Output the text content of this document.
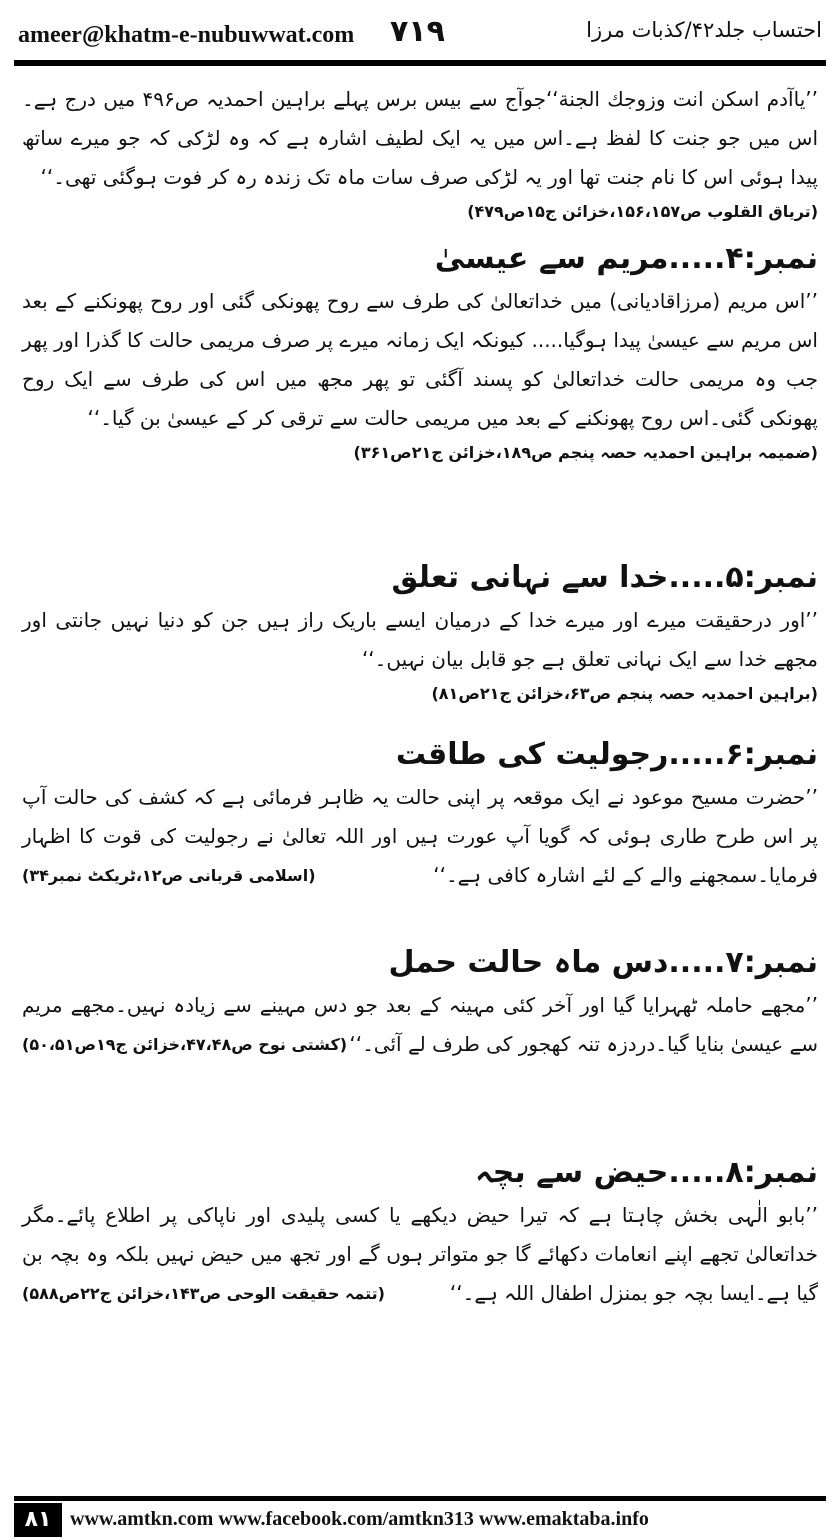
ameer@khatm-e-nubuwwat.com ۷۱۹	احتساب جلد۴۲/کذبات مرزا
’’یاآدم اسکن انت وزوجك الجنة‘‘جوآج سے بیس برس پہلے براہین احمدیہ ص۴۹۶ میں درج ہے۔اس میں جو جنت کا لفظ ہے۔اس میں یہ ایک لطیف اشارہ ہے کہ وہ لڑکی کہ جو میرے ساتھ پیدا ہوئی اس کا نام جنت تھا اور یہ لڑکی صرف سات ماہ تک زندہ رہ کر فوت ہوگئی تھی۔‘‘
(تریاق القلوب ص۱۵۶،۱۵۷،خزائن ج۱۵ص۴۷۹)
نمبر:۴.....مریم سے عیسیٰ
’’اس مریم (مرزاقادیانی) میں خداتعالیٰ کی طرف سے روح پھونکی گئی اور روح پھونکنے کے بعد اس مریم سے عیسیٰ پیدا ہوگیا..... کیونکہ ایک زمانہ میرے پر صرف مریمی حالت کا گذرا اور پھر جب وہ مریمی حالت خداتعالیٰ کو پسند آگئی تو پھر مجھ میں اس کی طرف سے ایک روح پھونکی گئی۔اس روح پھونکنے کے بعد میں مریمی حالت سے ترقی کر کے عیسیٰ بن گیا۔‘‘
(ضمیمہ براہین احمدیہ حصہ پنجم ص۱۸۹،خزائن ج۲۱ص۳۶۱)
نمبر:۵.....خدا سے نہانی تعلق
’’اور درحقیقت میرے اور میرے خدا کے درمیان ایسے باریک راز ہیں جن کو دنیا نہیں جانتی اور مجھے خدا سے ایک نہانی تعلق ہے جو قابل بیان نہیں۔‘‘
(براہین احمدیہ حصہ پنجم ص۶۳،خزائن ج۲۱ص۸۱)
نمبر:۶.....رجولیت کی طاقت
’’حضرت مسیح موعود نے ایک موقعہ پر اپنی حالت یہ ظاہر فرمائی ہے کہ کشف کی حالت آپ پر اس طرح طاری ہوئی کہ گویا آپ عورت ہیں اور اللہ تعالیٰ نے رجولیت کی قوت کا اظہار فرمایا۔سمجھنے والے کے لئے اشارہ کافی ہے۔‘‘
(اسلامی قربانی ص۱۲،ٹریکٹ نمبر۳۴)
نمبر:۷.....دس ماہ حالت حمل
’’مجھے حاملہ ٹھہرایا گیا اور آخر کئی مہینہ کے بعد جو دس مہینے سے زیادہ نہیں۔مجھے مریم سے عیسیٰ بنایا گیا۔دردزہ تنہ کھجور کی طرف لے آئی۔‘‘
(کشتی نوح ص۴۷،۴۸،خزائن ج۱۹ص۵۰،۵۱)
نمبر:۸.....حیض سے بچہ
’’بابو الٰہی بخش چاہتا ہے کہ تیرا حیض دیکھے یا کسی پلیدی اور ناپاکی پر اطلاع پائے۔مگر خداتعالیٰ تجھے اپنے انعامات دکھائے گا جو متواتر ہوں گے اور تجھ میں حیض نہیں بلکہ وہ بچہ بن گیا ہے۔ایسا بچہ جو بمنزل اطفال اللہ ہے۔‘‘
(تتمہ حقیقت الوحی ص۱۴۳،خزائن ج۲۲ص۵۸۸)
۸۱ www.amtkn.com www.facebook.com/amtkn313 www.emaktaba.info
